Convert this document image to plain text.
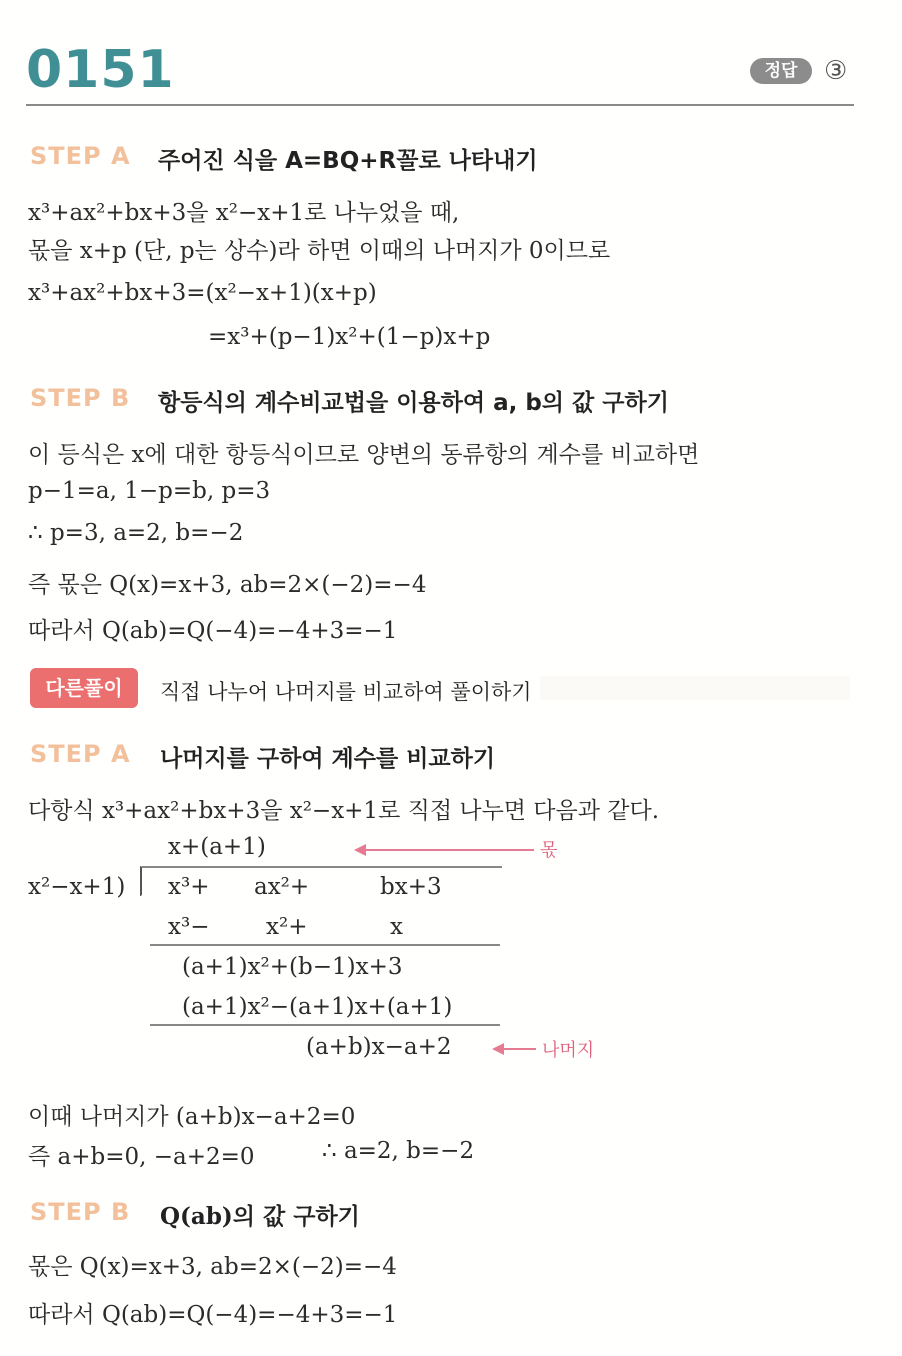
0151	정답	③
STEP A 주어진 식을 A=BQ+R꼴로 나타내기
x³+ax²+bx+3을 x²−x+1로 나누었을 때,
몫을 x+p (단, p는 상수)라 하면 이때의 나머지가 0이므로
x³+ax²+bx+3=(x²−x+1)(x+p)
=x³+(p−1)x²+(1−p)x+p
STEP B 항등식의 계수비교법을 이용하여 a, b의 값 구하기
이 등식은 x에 대한 항등식이므로 양변의 동류항의 계수를 비교하면
p−1=a, 1−p=b, p=3
∴ p=3, a=2, b=−2
즉 몫은 Q(x)=x+3, ab=2×(−2)=−4
따라서 Q(ab)=Q(−4)=−4+3=−1
다른풀이	직접 나누어 나머지를 비교하여 풀이하기
STEP A 나머지를 구하여 계수를 비교하기
다항식 x³+ax²+bx+3을 x²−x+1로 직접 나누면 다음과 같다.
x+(a+1)	몫
x²−x+1) x³+ ax²+	bx+3
x³− x²+	x
(a+1)x²+(b−1)x+3
(a+1)x²−(a+1)x+(a+1)
(a+b)x−a+2	나머지
이때 나머지가 (a+b)x−a+2=0
즉 a+b=0, −a+2=0	∴ a=2, b=−2
STEP B Q(ab)의 값 구하기
몫은 Q(x)=x+3, ab=2×(−2)=−4
따라서 Q(ab)=Q(−4)=−4+3=−1
